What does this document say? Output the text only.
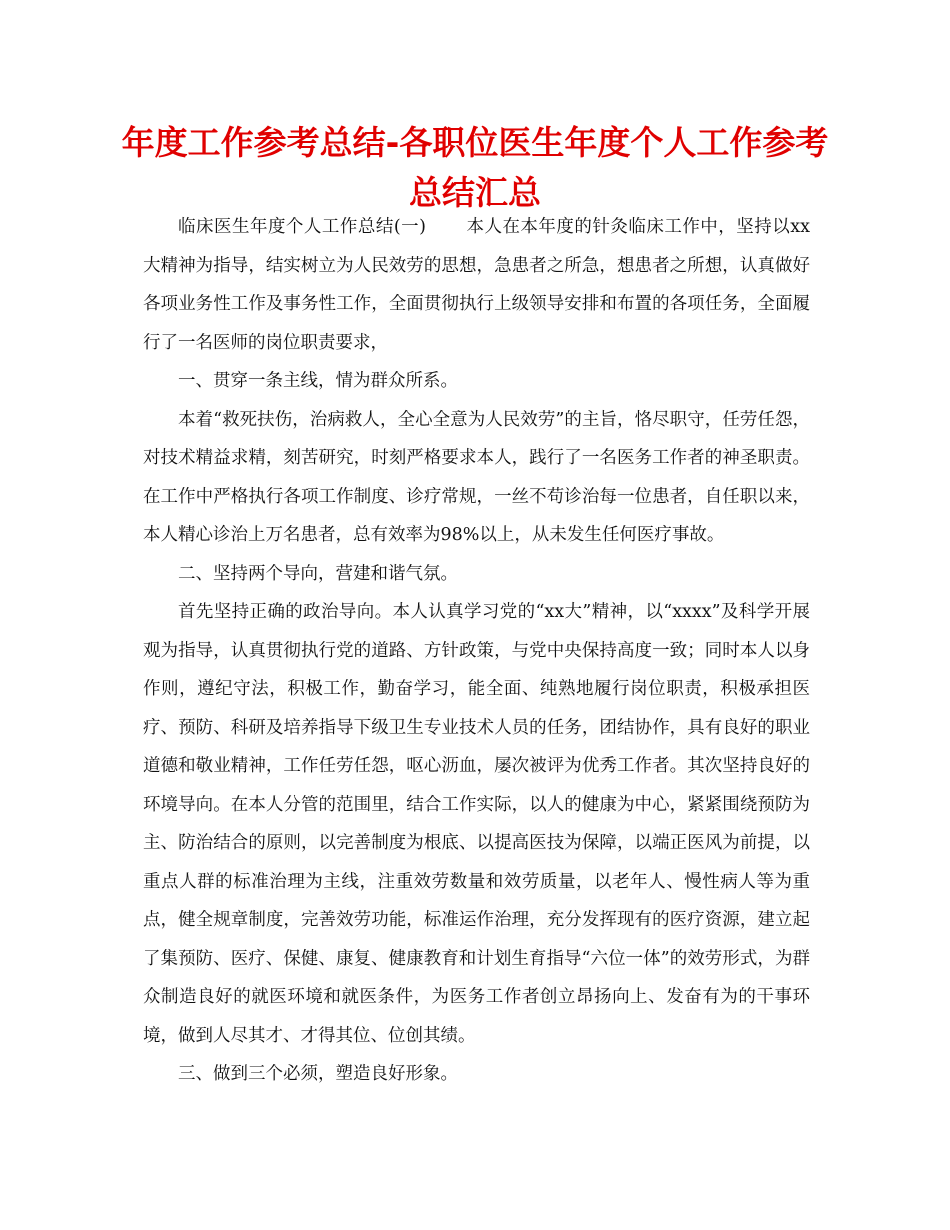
年度工作参考总结-各职位医生年度个人工作参考
总结汇总

临床医生年度个人工作总结(一) 本人在本年度的针灸临床工作中，坚持以xx大精神为指导，结实树立为人民效劳的思想，急患者之所急，想患者之所想，认真做好各项业务性工作及事务性工作，全面贯彻执行上级领导安排和布置的各项任务，全面履行了一名医师的岗位职责要求，

一、贯穿一条主线，情为群众所系。

本着“救死扶伤，治病救人，全心全意为人民效劳”的主旨，恪尽职守，任劳任怨，对技术精益求精，刻苦研究，时刻严格要求本人，践行了一名医务工作者的神圣职责。在工作中严格执行各项工作制度、诊疗常规，一丝不苟诊治每一位患者，自任职以来，本人精心诊治上万名患者，总有效率为98%以上，从未发生任何医疗事故。

二、坚持两个导向，营建和谐气氛。

首先坚持正确的政治导向。本人认真学习党的“xx大”精神，以“xxxx”及科学开展观为指导，认真贯彻执行党的道路、方针政策，与党中央保持高度一致；同时本人以身作则，遵纪守法，积极工作，勤奋学习，能全面、纯熟地履行岗位职责，积极承担医疗、预防、科研及培养指导下级卫生专业技术人员的任务，团结协作，具有良好的职业道德和敬业精神，工作任劳任怨，呕心沥血，屡次被评为优秀工作者。其次坚持良好的环境导向。在本人分管的范围里，结合工作实际，以人的健康为中心，紧紧围绕预防为主、防治结合的原则，以完善制度为根底、以提高医技为保障，以端正医风为前提，以重点人群的标准治理为主线，注重效劳数量和效劳质量，以老年人、慢性病人等为重点，健全规章制度，完善效劳功能，标准运作治理，充分发挥现有的医疗资源，建立起了集预防、医疗、保健、康复、健康教育和计划生育指导“六位一体”的效劳形式，为群众制造良好的就医环境和就医条件，为医务工作者创立昂扬向上、发奋有为的干事环境，做到人尽其才、才得其位、位创其绩。

三、做到三个必须，塑造良好形象。
